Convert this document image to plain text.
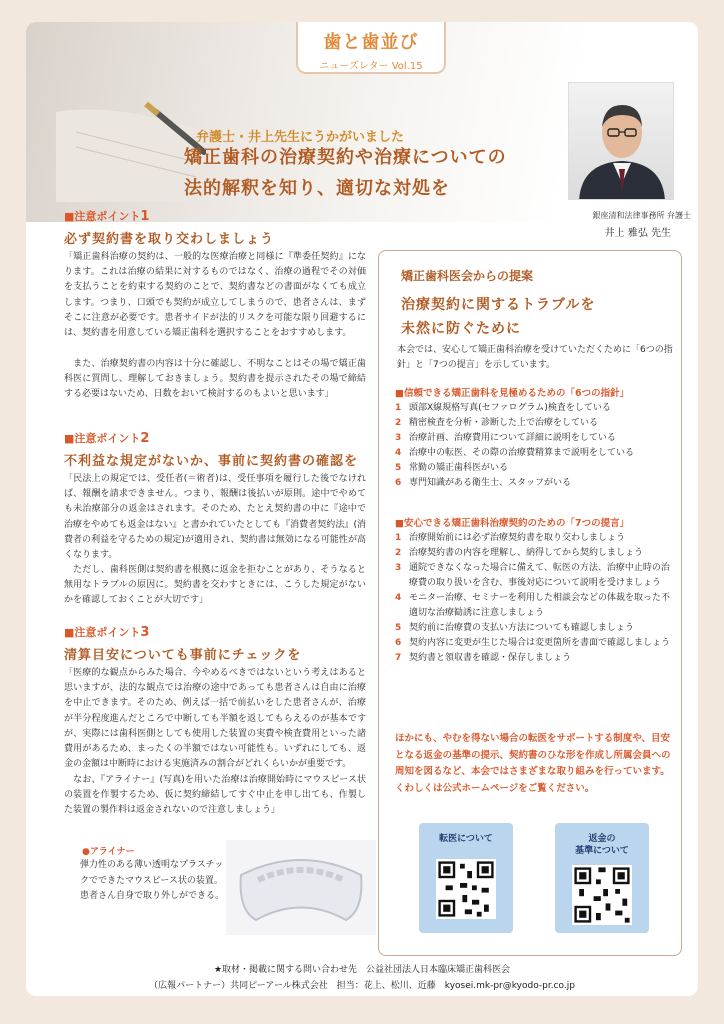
歯と歯並び
ニューズレター Vol.15
弁護士・井上先生にうかがいました
矯正歯科の治療契約や治療についての
法的解釈を知り、適切な対処を
銀座清和法律事務所 弁護士
井上 雅弘 先生
■注意ポイント1
必ず契約書を取り交わしましょう
「矯正歯科治療の契約は、一般的な医療治療と同様に『準委任契約』になります。これは治療の結果に対するものではなく、治療の過程でその対価を支払うことを約束する契約のことで、契約書などの書面がなくても成立します。つまり、口頭でも契約が成立してしまうので、患者さんは、まずそこに注意が必要です。患者サイドが法的リスクを可能な限り回避するには、契約書を用意している矯正歯科を選択することをおすすめします。
　また、治療契約書の内容は十分に確認し、不明なことはその場で矯正歯科医に質問し、理解しておきましょう。契約書を提示されたその場で締結する必要はないため、日数をおいて検討するのもよいと思います」
■注意ポイント2
不利益な規定がないか、事前に契約書の確認を
「民法上の規定では、受任者(＝術者)は、受任事項を履行した後でなければ、報酬を請求できません。つまり、報酬は後払いが原則。途中でやめても未治療部分の返金はされます。そのため、たとえ契約書の中に『途中で治療をやめても返金はない』と書かれていたとしても『消費者契約法』(消費者の利益を守るための規定)が適用され、契約書は無効になる可能性が高くなります。
　ただし、歯科医側は契約書を根拠に返金を拒むことがあり、そうなると無用なトラブルの原因に。契約書を交わすときには、こうした規定がないかを確認しておくことが大切です」
■注意ポイント3
清算目安についても事前にチェックを
「医療的な観点からみた場合、今やめるべきではないという考えはあると思いますが、法的な観点では治療の途中であっても患者さんは自由に治療を中止できます。そのため、例えば一括で前払いをした患者さんが、治療が半分程度進んだところで中断しても半額を返してもらえるのが基本ですが、実際には歯科医側としても使用した装置の実費や検査費用といった諸費用があるため、まったくの半額ではない可能性も。いずれにしても、返金の金額は中断時における実施済みの割合がどれくらいかが重要です。
　なお、『アライナー』(写真)を用いた治療は治療開始時にマウスピース状の装置を作製するため、仮に契約締結してすぐ中止を申し出ても、作製した装置の製作料は返金されないので注意しましょう」
●アライナー
弾力性のある薄い透明なプラスチックでできたマウスピース状の装置。患者さん自身で取り外しができる。
矯正歯科医会からの提案
治療契約に関するトラブルを
未然に防ぐために
本会では、安心して矯正歯科治療を受けていただくために「6つの指針」と「7つの提言」を示しています。
■信頼できる矯正歯科を見極めるための「6つの指針」
1 頭部X線規格写真(セファログラム)検査をしている
2 精密検査を分析・診断した上で治療をしている
3 治療計画、治療費用について詳細に説明をしている
4 治療中の転医、その際の治療費精算まで説明をしている
5 常勤の矯正歯科医がいる
6 専門知識がある衛生士、スタッフがいる
■安心できる矯正歯科治療契約のための「7つの提言」
1 治療開始前には必ず治療契約書を取り交わしましょう
2 治療契約書の内容を理解し、納得してから契約しましょう
3 通院できなくなった場合に備えて、転医の方法、治療中止時の治療費の取り扱いを含む、事後対応について説明を受けましょう
4 モニター治療、セミナーを利用した相談会などの体裁を取った不適切な治療勧誘に注意しましょう
5 契約前に治療費の支払い方法についても確認しましょう
6 契約内容に変更が生じた場合は変更箇所を書面で確認しましょう
7 契約書と領収書を確認・保存しましょう
ほかにも、やむを得ない場合の転医をサポートする制度や、目安となる返金の基準の提示、契約書のひな形を作成し所属会員への周知を図るなど、本会ではさまざまな取り組みを行っています。くわしくは公式ホームページをご覧ください。
転医について	返金の
基準について
★取材・掲載に関する問い合わせ先　公益社団法人日本臨床矯正歯科医会
（広報パートナー）共同ピーアール株式会社　担当：花上、松川、近藤　kyosei.mk-pr@kyodo-pr.co.jp
